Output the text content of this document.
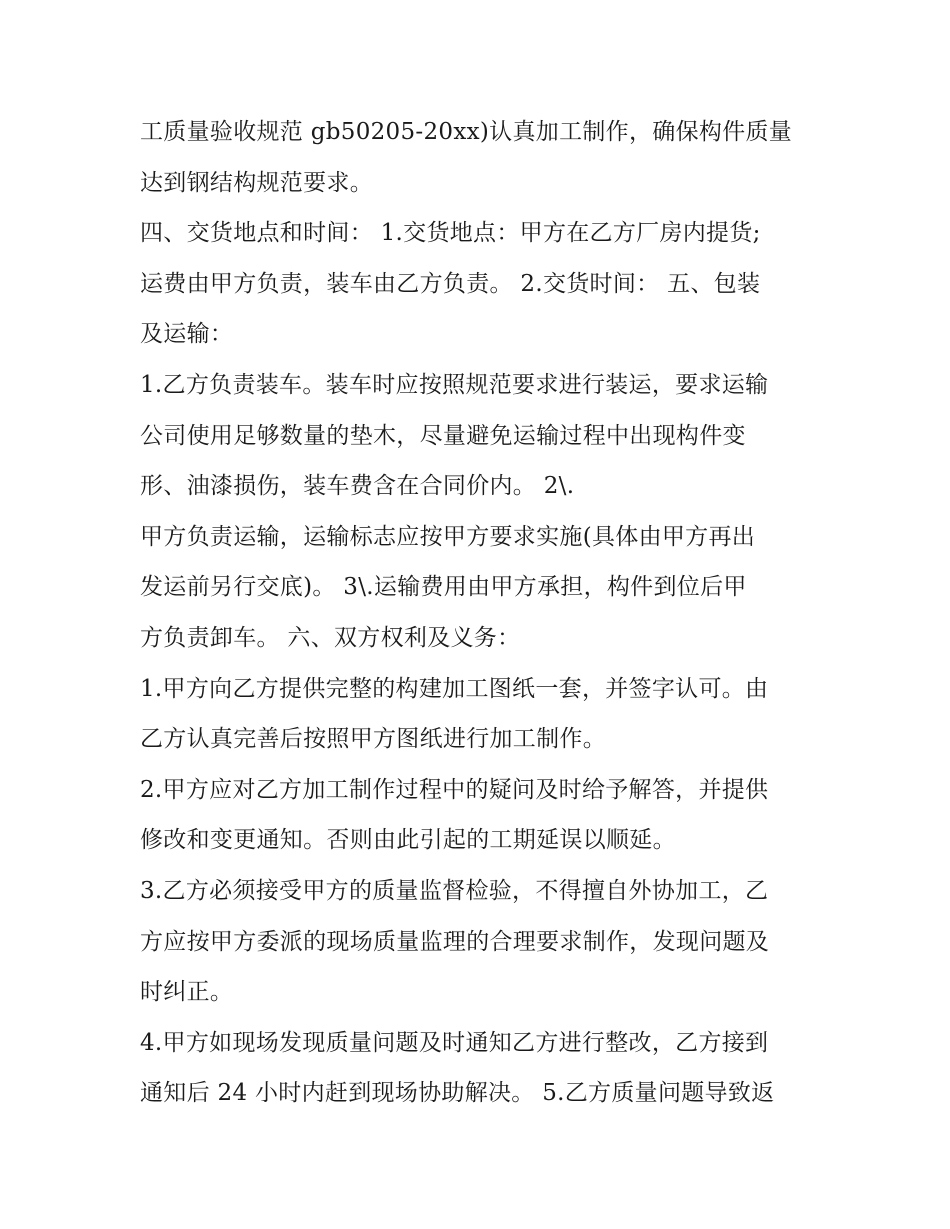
工质量验收规范 gb50205-20xx)认真加工制作，确保构件质量
达到钢结构规范要求。
四、交货地点和时间： 1.交货地点：甲方在乙方厂房内提货;
运费由甲方负责，装车由乙方负责。 2.交货时间： 五、包装
及运输：
1.乙方负责装车。装车时应按照规范要求进行装运，要求运输
公司使用足够数量的垫木，尽量避免运输过程中出现构件变
形、油漆损伤，装车费含在合同价内。 2\.
甲方负责运输，运输标志应按甲方要求实施(具体由甲方再出
发运前另行交底)。 3\.运输费用由甲方承担，构件到位后甲
方负责卸车。 六、双方权利及义务：
1.甲方向乙方提供完整的构建加工图纸一套，并签字认可。由
乙方认真完善后按照甲方图纸进行加工制作。
2.甲方应对乙方加工制作过程中的疑问及时给予解答，并提供
修改和变更通知。否则由此引起的工期延误以顺延。
3.乙方必须接受甲方的质量监督检验，不得擅自外协加工，乙
方应按甲方委派的现场质量监理的合理要求制作，发现问题及
时纠正。
4.甲方如现场发现质量问题及时通知乙方进行整改，乙方接到
通知后 24 小时内赶到现场协助解决。 5.乙方质量问题导致返
